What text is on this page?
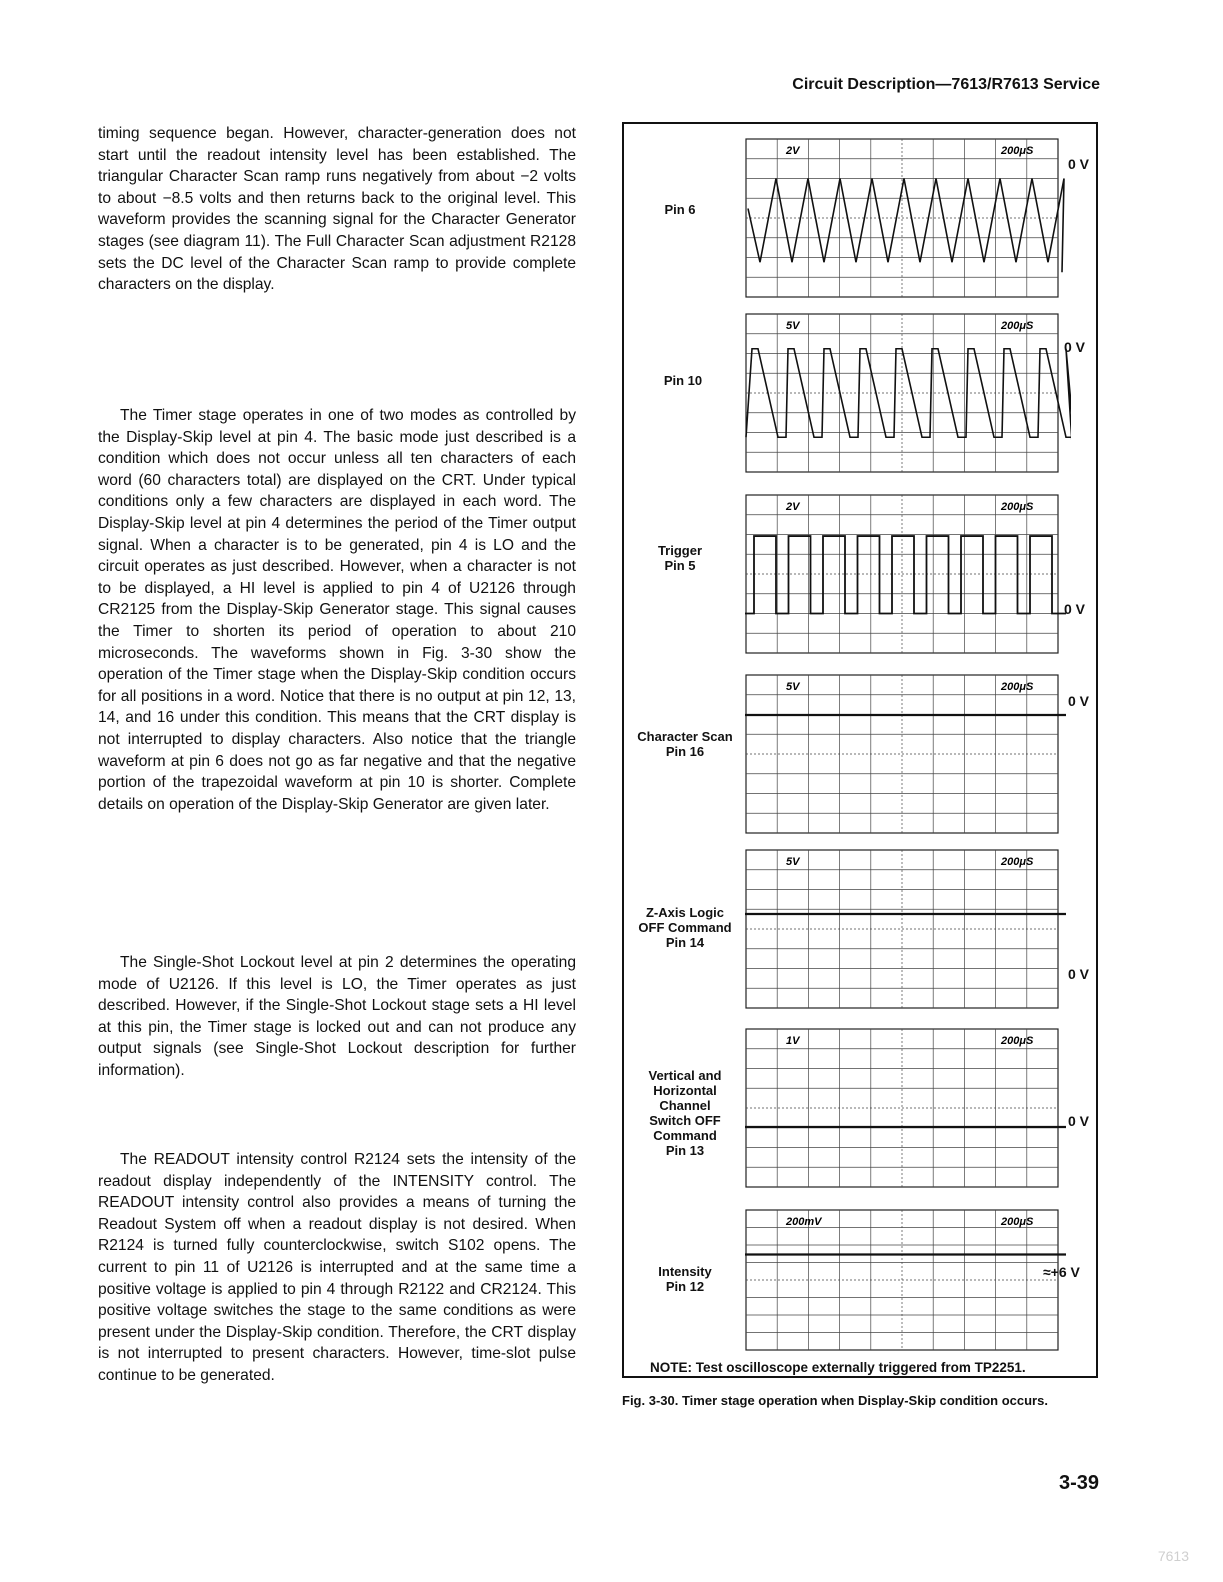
Circuit Description—7613/R7613 Service

timing sequence began. However, character-generation does not start until the readout intensity level has been established. The triangular Character Scan ramp runs negatively from about −2 volts to about −8.5 volts and then returns back to the original level. This waveform provides the scanning signal for the Character Generator stages (see diagram 11). The Full Character Scan adjustment R2128 sets the DC level of the Character Scan ramp to provide complete characters on the display.

The Timer stage operates in one of two modes as controlled by the Display-Skip level at pin 4. The basic mode just described is a condition which does not occur unless all ten characters of each word (60 characters total) are displayed on the CRT. Under typical conditions only a few characters are displayed in each word. The Display-Skip level at pin 4 determines the period of the Timer output signal. When a character is to be generated, pin 4 is LO and the circuit operates as just described. However, when a character is not to be displayed, a HI level is applied to pin 4 of U2126 through CR2125 from the Display-Skip Generator stage. This signal causes the Timer to shorten its period of operation to about 210 microseconds. The waveforms shown in Fig. 3-30 show the operation of the Timer stage when the Display-Skip condition occurs for all positions in a word. Notice that there is no output at pin 12, 13, 14, and 16 under this condition. This means that the CRT display is not interrupted to display characters. Also notice that the triangle waveform at pin 6 does not go as far negative and that the negative portion of the trapezoidal waveform at pin 10 is shorter. Complete details on operation of the Display-Skip Generator are given later.

The Single-Shot Lockout level at pin 2 determines the operating mode of U2126. If this level is LO, the Timer operates as just described. However, if the Single-Shot Lockout stage sets a HI level at this pin, the Timer stage is locked out and can not produce any output signals (see Single-Shot Lockout description for further information).

The READOUT intensity control R2124 sets the intensity of the readout display independently of the INTENSITY control. The READOUT intensity control also provides a means of turning the Readout System off when a readout display is not desired. When R2124 is turned fully counterclockwise, switch S102 opens. The current to pin 11 of U2126 is interrupted and at the same time a positive voltage is applied to pin 4 through R2122 and CR2124. This positive voltage switches the stage to the same conditions as were present under the Display-Skip condition. Therefore, the CRT display is not interrupted to present characters. However, time-slot pulse continue to be generated.

Pin 6
Pin 10
Trigger
Pin 5
Character Scan
Pin 16
Z-Axis Logic
OFF Command
Pin 14
Vertical and
Horizontal
Channel
Switch OFF
Command
Pin 13
Intensity
Pin 12
0 V
0 V
0 V
0 V
0 V
0 V
≈+6 V
2V	200μS
5V	200μS
2V	200μS
5V	200μS
5V	200μS
1V	200μS
200mV	200μS
NOTE: Test oscilloscope externally triggered from TP2251.
Fig. 3-30. Timer stage operation when Display-Skip condition occurs.
3-39
7613
